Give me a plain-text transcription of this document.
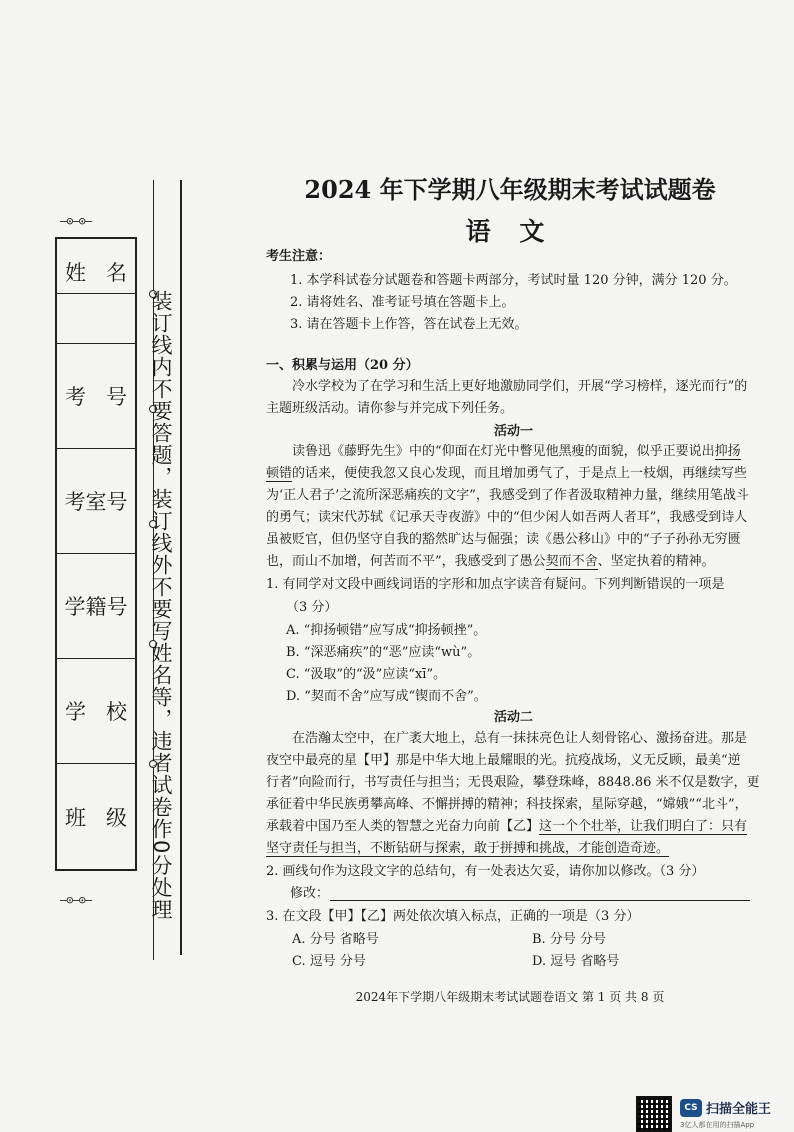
—⊙—⊙—
姓 名
考 号
考室号
学籍号
学 校
班 级
—⊙—⊙—	装订线内不要答题，装订线外不要写姓名等，违者试卷作0分处理
2024 年下学期八年级期末考试试题卷
语 文
考生注意：
1. 本学科试卷分试题卷和答题卡两部分，考试时量 120 分钟，满分 120 分。
2. 请将姓名、准考证号填在答题卡上。
3. 请在答题卡上作答，答在试卷上无效。
一、积累与运用（20 分）
冷水学校为了在学习和生活上更好地激励同学们，开展“学习榜样，逐光而行”的
主题班级活动。请你参与并完成下列任务。
活动一
读鲁迅《藤野先生》中的“仰面在灯光中瞥见他黑瘦的面貌，似乎正要说出抑扬
顿错的话来，便使我忽又良心发现，而且增加勇气了，于是点上一枝烟，再继续写些
为‘正人君子’之流所深恶痛疾的文字”，我感受到了作者汲取精神力量，继续用笔战斗
的勇气；读宋代苏轼《记承天寺夜游》中的“但少闲人如吾两人者耳”，我感受到诗人
虽被贬官，但仍坚守自我的豁然旷达与倔强；读《愚公移山》中的“子子孙孙无穷匮
也，而山不加增，何苦而不平”，我感受到了愚公契而不舍、坚定执着的精神。
1. 有同学对文段中画线词语的字形和加点字读音有疑问。下列判断错误的一项是
（3 分）
A. “抑扬顿错”应写成“抑扬顿挫”。
B. “深恶痛疾”的“恶”应读“wù”。
C. “汲取”的“汲”应读“xī”。
D. “契而不舍”应写成“锲而不舍”。
活动二
在浩瀚太空中，在广袤大地上，总有一抹抹亮色让人刻骨铭心、激扬奋进。那是
夜空中最亮的星【甲】那是中华大地上最耀眼的光。抗疫战场，义无反顾，最美“逆
行者”向险而行，书写责任与担当；无畏艰险，攀登珠峰，8848.86 米不仅是数字，更
承征着中华民族勇攀高峰、不懈拼搏的精神；科技探索，星际穿越，“嫦娥”“北斗”，
承载着中国乃至人类的智慧之光奋力向前【乙】这一个个壮举，让我们明白了：只有
坚守责任与担当，不断钻研与探索，敢于拼搏和挑战，才能创造奇迹。
2. 画线句作为这段文字的总结句，有一处表达欠妥，请你加以修改。（3 分）
修改：
3. 在文段【甲】【乙】两处依次填入标点，正确的一项是（3 分）
A. 分号 省略号	B. 分号 分号
C. 逗号 分号	D. 逗号 省略号
2024年下学期八年级期末考试试题卷语文 第 1 页 共 8 页
CS 扫描全能王
3亿人都在用的扫描App
